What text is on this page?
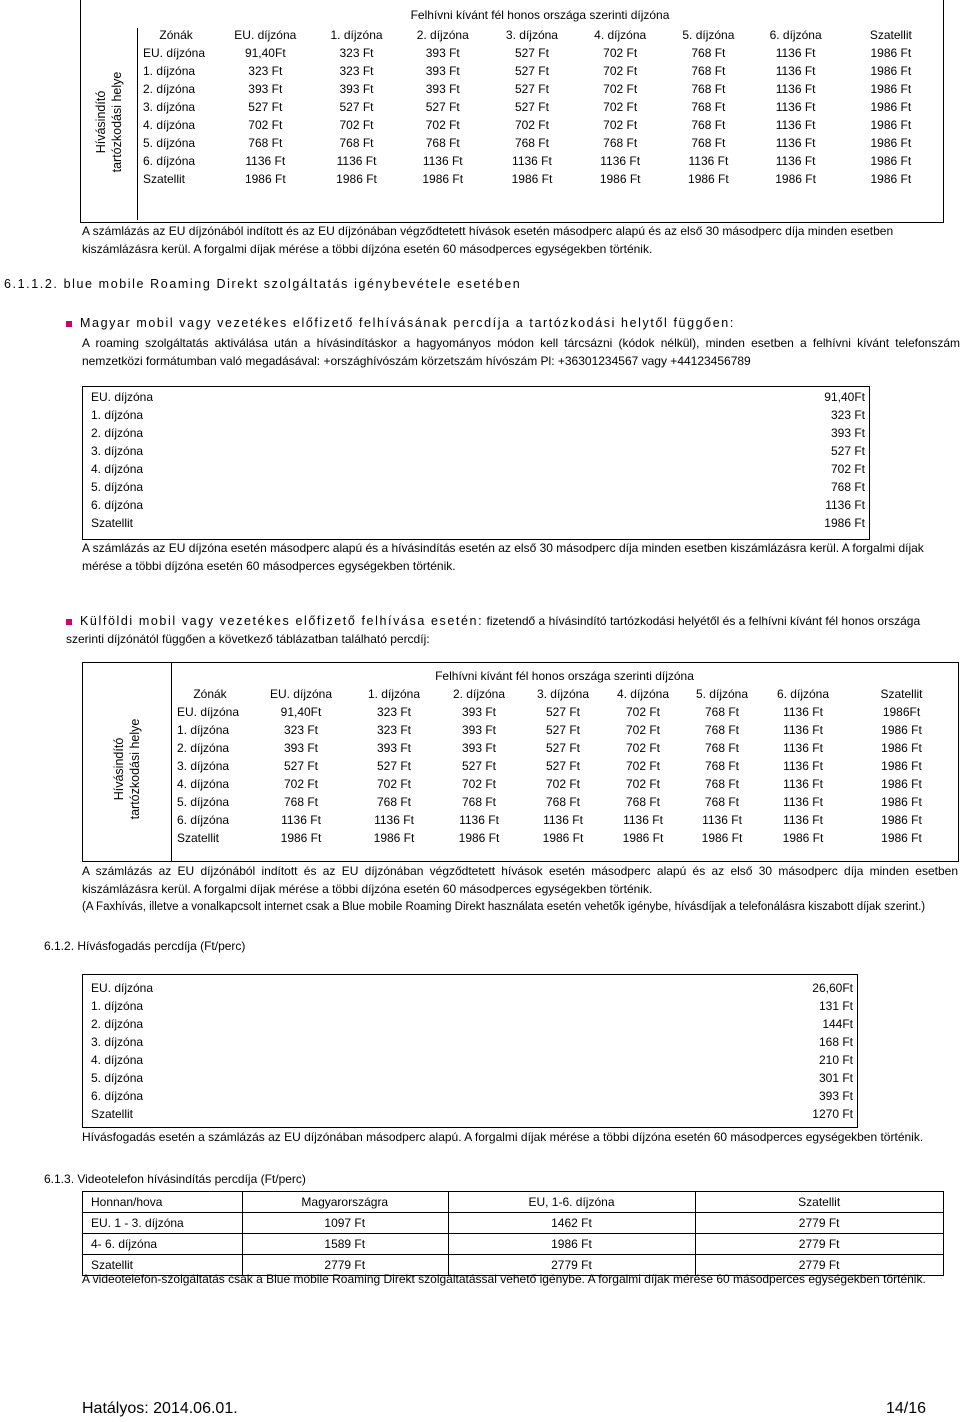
Hívásindító tartózkodási helye
Felhívni kívánt fél honos országa szerinti díjzóna
Zónák	EU. díjzóna	1. díjzóna	2. díjzóna	3. díjzóna	4. díjzóna	5. díjzóna	6. díjzóna	Szatellit
EU. díjzóna	91,40Ft	323 Ft	393 Ft	527 Ft	702 Ft	768 Ft	1136 Ft	1986 Ft
1. díjzóna	323 Ft	323 Ft	393 Ft	527 Ft	702 Ft	768 Ft	1136 Ft	1986 Ft
2. díjzóna	393 Ft	393 Ft	393 Ft	527 Ft	702 Ft	768 Ft	1136 Ft	1986 Ft
3. díjzóna	527 Ft	527 Ft	527 Ft	527 Ft	702 Ft	768 Ft	1136 Ft	1986 Ft
4. díjzóna	702 Ft	702 Ft	702 Ft	702 Ft	702 Ft	768 Ft	1136 Ft	1986 Ft
5. díjzóna	768 Ft	768 Ft	768 Ft	768 Ft	768 Ft	768 Ft	1136 Ft	1986 Ft
6. díjzóna	1136 Ft	1136 Ft	1136 Ft	1136 Ft	1136 Ft	1136 Ft	1136 Ft	1986 Ft
Szatellit	1986 Ft	1986 Ft	1986 Ft	1986 Ft	1986 Ft	1986 Ft	1986 Ft	1986 Ft
A számlázás az EU díjzónából indított és az EU díjzónában végződtetett hívások esetén másodperc alapú és az első 30 másodperc díja minden esetben kiszámlázásra kerül. A forgalmi díjak mérése a többi díjzóna esetén 60 másodperces egységekben történik.
6.1.1.2. blue mobile Roaming Direkt szolgáltatás igénybevétele esetében
Magyar mobil vagy vezetékes előfizető felhívásának percdíja a tartózkodási helytől függően:
A roaming szolgáltatás aktiválása után a hívásindításkor a hagyományos módon kell tárcsázni (kódok nélkül), minden esetben a felhívni kívánt telefonszám nemzetközi formátumban való megadásával: +országhívószám körzetszám hívószám Pl: +36301234567 vagy +44123456789
EU. díjzóna	91,40Ft
1. díjzóna	323 Ft
2. díjzóna	393 Ft
3. díjzóna	527 Ft
4. díjzóna	702 Ft
5. díjzóna	768 Ft
6. díjzóna	1136 Ft
Szatellit	1986 Ft
A számlázás az EU díjzóna esetén másodperc alapú és a hívásindítás esetén az első 30 másodperc díja minden esetben kiszámlázásra kerül. A forgalmi díjak mérése a többi díjzóna esetén 60 másodperces egységekben történik.
Külföldi mobil vagy vezetékes előfizető felhívása esetén: fizetendő a hívásindító tartózkodási helyétől és a felhívni kívánt fél honos országa szerinti díjzónától függően a következő táblázatban található percdíj:
Hívásindító tartózkodási helye
Felhívni kívánt fél honos országa szerinti díjzóna
Zónák	EU. díjzóna	1. díjzóna	2. díjzóna	3. díjzóna	4. díjzóna	5. díjzóna	6. díjzóna	Szatellit
EU. díjzóna	91,40Ft	323 Ft	393 Ft	527 Ft	702 Ft	768 Ft	1136 Ft	1986Ft
1. díjzóna	323 Ft	323 Ft	393 Ft	527 Ft	702 Ft	768 Ft	1136 Ft	1986 Ft
2. díjzóna	393 Ft	393 Ft	393 Ft	527 Ft	702 Ft	768 Ft	1136 Ft	1986 Ft
3. díjzóna	527 Ft	527 Ft	527 Ft	527 Ft	702 Ft	768 Ft	1136 Ft	1986 Ft
4. díjzóna	702 Ft	702 Ft	702 Ft	702 Ft	702 Ft	768 Ft	1136 Ft	1986 Ft
5. díjzóna	768 Ft	768 Ft	768 Ft	768 Ft	768 Ft	768 Ft	1136 Ft	1986 Ft
6. díjzóna	1136 Ft	1136 Ft	1136 Ft	1136 Ft	1136 Ft	1136 Ft	1136 Ft	1986 Ft
Szatellit	1986 Ft	1986 Ft	1986 Ft	1986 Ft	1986 Ft	1986 Ft	1986 Ft	1986 Ft
A számlázás az EU díjzónából indított és az EU díjzónában végződtetett hívások esetén másodperc alapú és az első 30 másodperc díja minden esetben kiszámlázásra kerül. A forgalmi díjak mérése a többi díjzóna esetén 60 másodperces egységekben történik.
(A Faxhívás, illetve a vonalkapcsolt internet csak a Blue mobile Roaming Direkt használata esetén vehetők igénybe, hívásdíjak a telefonálásra kiszabott díjak szerint.)
6.1.2. Hívásfogadás percdíja (Ft/perc)
EU. díjzóna	26,60Ft
1. díjzóna	131 Ft
2. díjzóna	144Ft
3. díjzóna	168 Ft
4. díjzóna	210 Ft
5. díjzóna	301 Ft
6. díjzóna	393 Ft
Szatellit	1270 Ft
Hívásfogadás esetén a számlázás az EU díjzónában másodperc alapú. A forgalmi díjak mérése a többi díjzóna esetén 60 másodperces egységekben történik.
6.1.3. Videotelefon hívásindítás percdíja (Ft/perc)
Honnan/hova	Magyarországra	EU, 1-6. díjzóna	Szatellit
EU. 1 - 3. díjzóna	1097 Ft	1462 Ft	2779 Ft
4- 6. díjzóna	1589 Ft	1986 Ft	2779 Ft
Szatellit	2779 Ft	2779 Ft	2779 Ft
A videotelefon-szolgáltatás csak a Blue mobile Roaming Direkt szolgáltatással vehető igénybe. A forgalmi díjak mérése 60 másodperces egységekben történik.
Hatályos: 2014.06.01.	14/16
